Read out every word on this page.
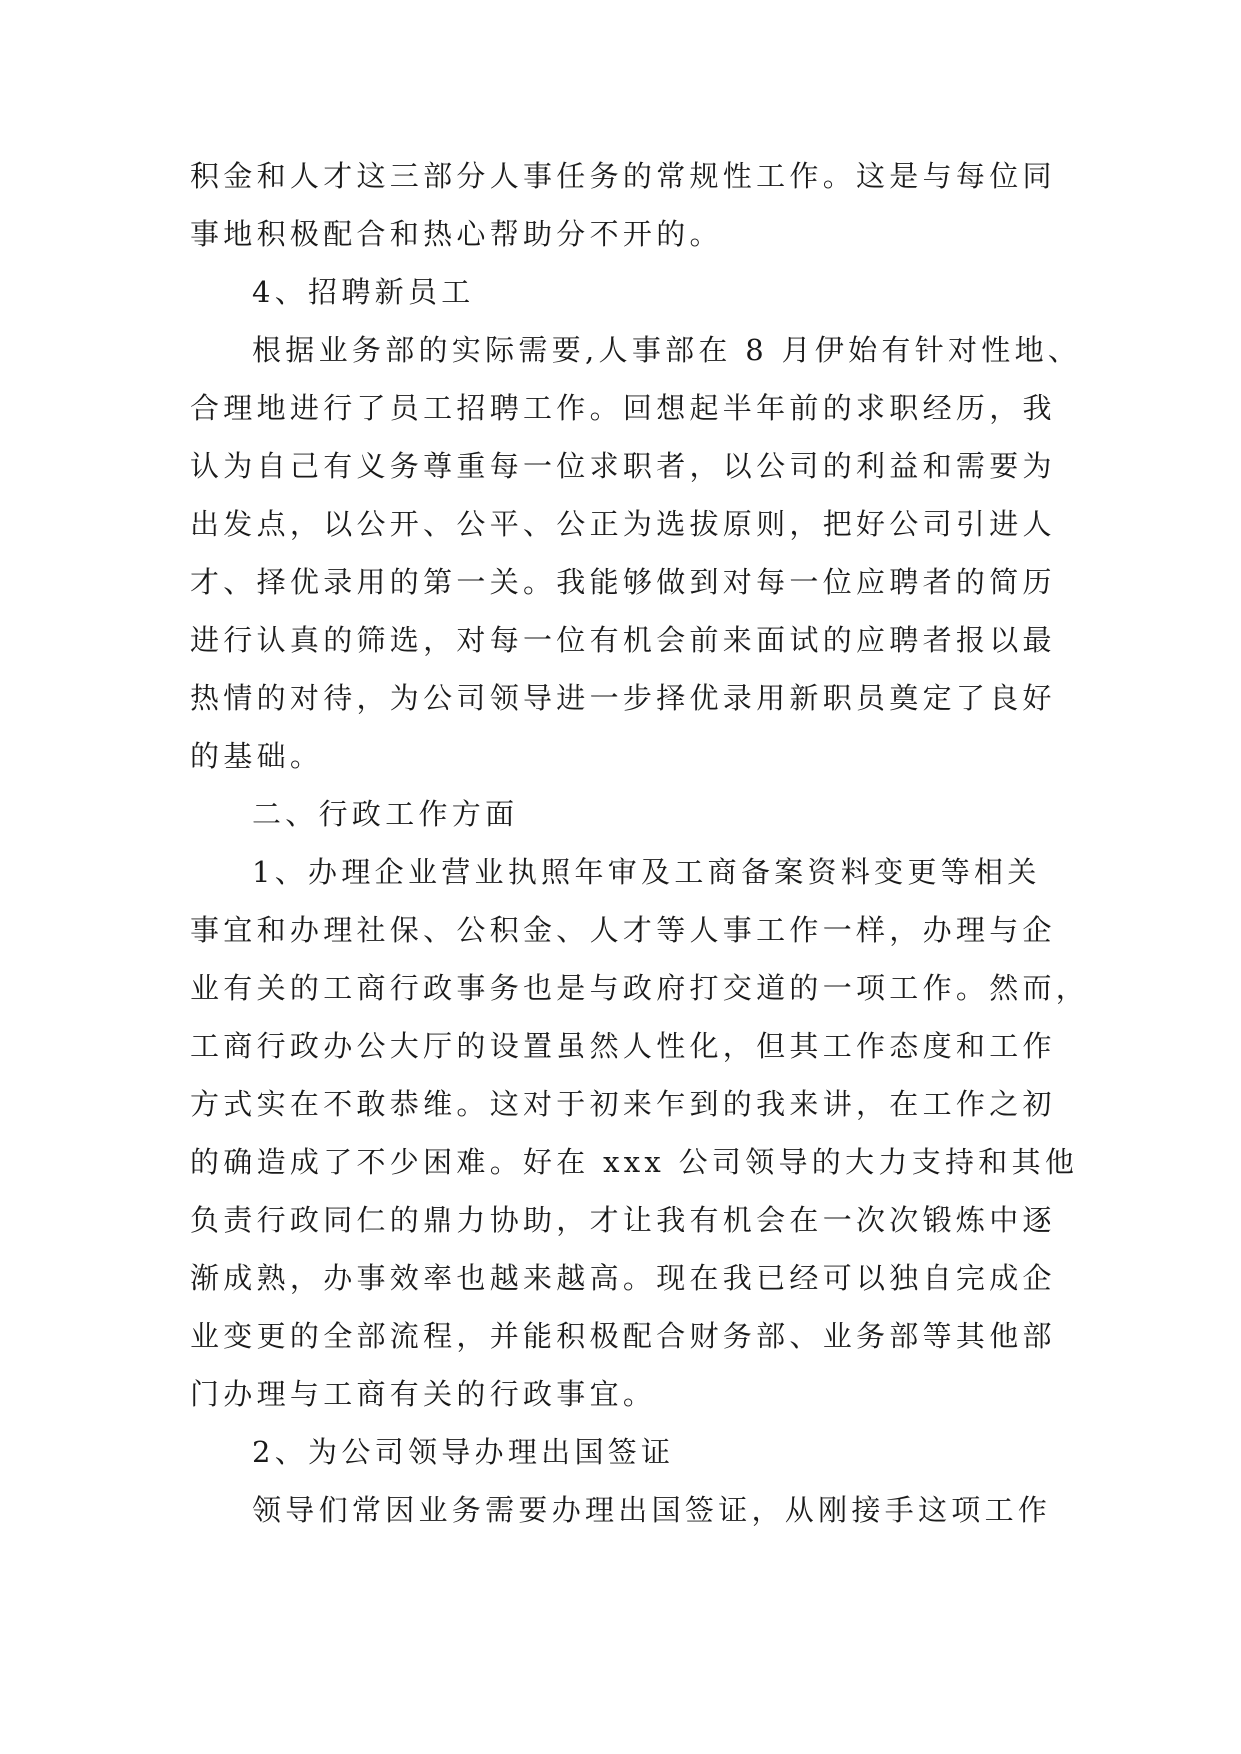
积金和人才这三部分人事任务的常规性工作。这是与每位同
事地积极配合和热心帮助分不开的。
4、招聘新员工
根据业务部的实际需要,人事部在 8 月伊始有针对性地、
合理地进行了员工招聘工作。回想起半年前的求职经历，我
认为自己有义务尊重每一位求职者，以公司的利益和需要为
出发点，以公开、公平、公正为选拔原则，把好公司引进人
才、择优录用的第一关。我能够做到对每一位应聘者的简历
进行认真的筛选，对每一位有机会前来面试的应聘者报以最
热情的对待，为公司领导进一步择优录用新职员奠定了良好
的基础。
二、行政工作方面
1、办理企业营业执照年审及工商备案资料变更等相关
事宜和办理社保、公积金、人才等人事工作一样，办理与企
业有关的工商行政事务也是与政府打交道的一项工作。然而，
工商行政办公大厅的设置虽然人性化，但其工作态度和工作
方式实在不敢恭维。这对于初来乍到的我来讲，在工作之初
的确造成了不少困难。好在 xxx 公司领导的大力支持和其他
负责行政同仁的鼎力协助，才让我有机会在一次次锻炼中逐
渐成熟，办事效率也越来越高。现在我已经可以独自完成企
业变更的全部流程，并能积极配合财务部、业务部等其他部
门办理与工商有关的行政事宜。
2、为公司领导办理出国签证
领导们常因业务需要办理出国签证，从刚接手这项工作
